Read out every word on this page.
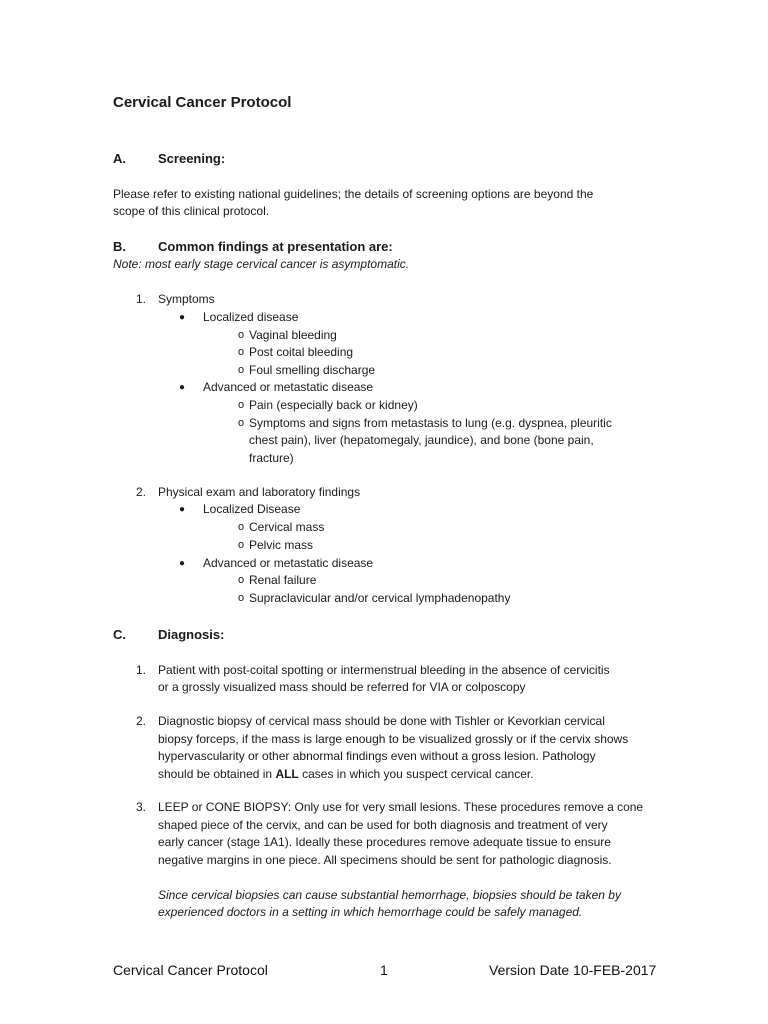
Cervical Cancer Protocol
A. Screening:
Please refer to existing national guidelines; the details of screening options are beyond the
scope of this clinical protocol.
B. Common findings at presentation are:
Note: most early stage cervical cancer is asymptomatic.
1. Symptoms
● Localized disease
o Vaginal bleeding
o Post coital bleeding
o Foul smelling discharge
● Advanced or metastatic disease
o Pain (especially back or kidney)
o Symptoms and signs from metastasis to lung (e.g. dyspnea, pleuritic
chest pain), liver (hepatomegaly, jaundice), and bone (bone pain,
fracture)
2. Physical exam and laboratory findings
● Localized Disease
o Cervical mass
o Pelvic mass
● Advanced or metastatic disease
o Renal failure
o Supraclavicular and/or cervical lymphadenopathy
C. Diagnosis:
1. Patient with post-coital spotting or intermenstrual bleeding in the absence of cervicitis
or a grossly visualized mass should be referred for VIA or colposcopy
2. Diagnostic biopsy of cervical mass should be done with Tishler or Kevorkian cervical
biopsy forceps, if the mass is large enough to be visualized grossly or if the cervix shows
hypervascularity or other abnormal findings even without a gross lesion. Pathology
should be obtained in ALL cases in which you suspect cervical cancer.
3. LEEP or CONE BIOPSY: Only use for very small lesions. These procedures remove a cone
shaped piece of the cervix, and can be used for both diagnosis and treatment of very
early cancer (stage 1A1). Ideally these procedures remove adequate tissue to ensure
negative margins in one piece. All specimens should be sent for pathologic diagnosis.
Since cervical biopsies can cause substantial hemorrhage, biopsies should be taken by
experienced doctors in a setting in which hemorrhage could be safely managed.
Cervical Cancer Protocol	1	Version Date 10-FEB-2017
